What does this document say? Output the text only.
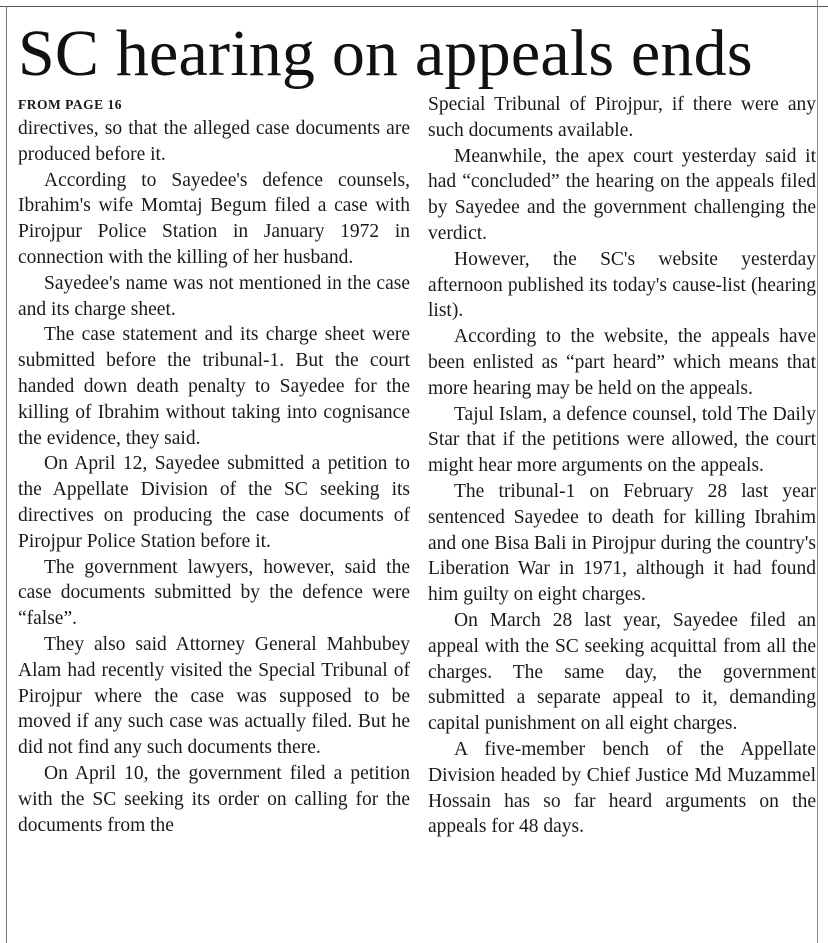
SC hearing on appeals ends
FROM PAGE 16

directives, so that the alleged case documents are produced before it.

According to Sayedee's defence counsels, Ibrahim's wife Momtaj Begum filed a case with Pirojpur Police Station in January 1972 in connection with the killing of her husband.

Sayedee's name was not mentioned in the case and its charge sheet.

The case statement and its charge sheet were submitted before the tribunal-1. But the court handed down death penalty to Sayedee for the killing of Ibrahim without taking into cognisance the evidence, they said.

On April 12, Sayedee submitted a petition to the Appellate Division of the SC seeking its directives on producing the case documents of Pirojpur Police Station before it.

The government lawyers, however, said the case documents submitted by the defence were “false”.

They also said Attorney General Mahbubey Alam had recently visited the Special Tribunal of Pirojpur where the case was supposed to be moved if any such case was actually filed. But he did not find any such documents there.

On April 10, the government filed a petition with the SC seeking its order on calling for the documents from the

Special Tribunal of Pirojpur, if there were any such documents available.

Meanwhile, the apex court yesterday said it had “concluded” the hearing on the appeals filed by Sayedee and the government challenging the verdict.

However, the SC's website yesterday afternoon published its today's cause-list (hearing list).

According to the website, the appeals have been enlisted as “part heard” which means that more hearing may be held on the appeals.

Tajul Islam, a defence counsel, told The Daily Star that if the petitions were allowed, the court might hear more arguments on the appeals.

The tribunal-1 on February 28 last year sentenced Sayedee to death for killing Ibrahim and one Bisa Bali in Pirojpur during the country's Liberation War in 1971, although it had found him guilty on eight charges.

On March 28 last year, Sayedee filed an appeal with the SC seeking acquittal from all the charges. The same day, the government submitted a separate appeal to it, demanding capital punishment on all eight charges.

A five-member bench of the Appellate Division headed by Chief Justice Md Muzammel Hossain has so far heard arguments on the appeals for 48 days.
